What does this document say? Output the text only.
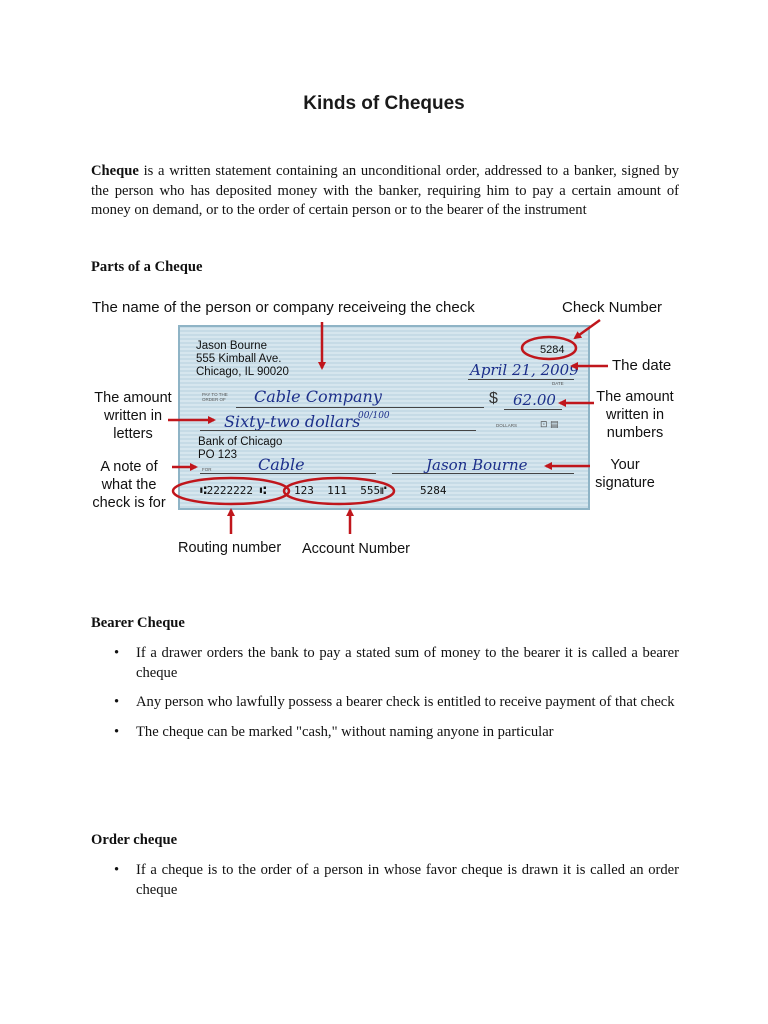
Kinds of Cheques
Cheque is a written statement containing an unconditional order, addressed to a banker, signed by the person who has deposited money with the banker, requiring him to pay a certain amount of money on demand, or to the order of certain person or to the bearer of the instrument
Parts of a Cheque
The name of the person or company receiveing the check	Check Number
The date
The amount
written in
letters
The amount
written in
numbers
A note of
what the
check is for
Your
signature
Routing number Account Number
Jason Bourne
555 Kimball Ave.
Chicago, IL 90020
5284
April 21, 2009
DATE
PAY TO THE ORDER OF	Cable Company	$ 62.00
Sixty-two dollars
00/100
DOLLARS	⊡ ▤
Bank of Chicago
PO 123
FOR	Cable	Jason Bourne
⑆2222222 ⑆	123  111  555⑈	5284
Bearer Cheque
• If a drawer orders the bank to pay a stated sum of money to the bearer it is called a bearer cheque
• Any person who lawfully possess a bearer check is entitled to receive payment of that check
• The cheque can be marked "cash," without naming anyone in particular
Order cheque
• If a cheque is to the order of a person in whose favor cheque is drawn it is called an order cheque
